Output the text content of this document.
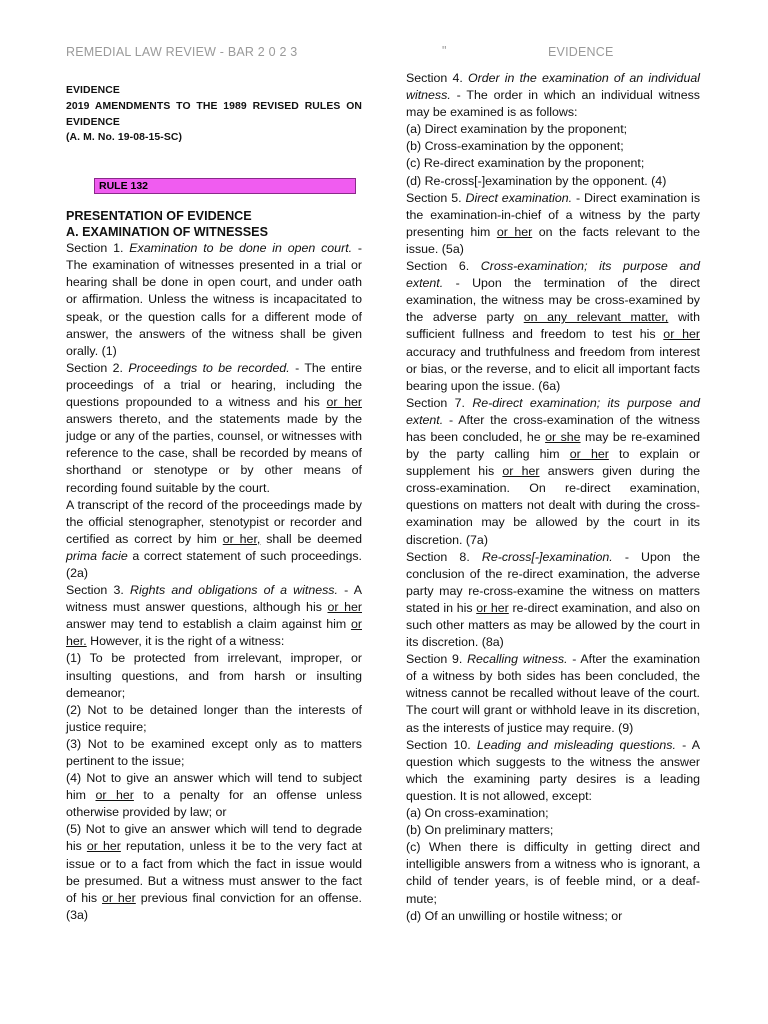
REMEDIAL LAW REVIEW - BAR 2 0 2 3	"	EVIDENCE

EVIDENCE

2019 AMENDMENTS TO THE 1989 REVISED RULES ON EVIDENCE

(A. M. No. 19-08-15-SC)

RULE 132

PRESENTATION OF EVIDENCE

A. EXAMINATION OF WITNESSES

Section 1. Examination to be done in open court. - The examination of witnesses presented in a trial or hearing shall be done in open court, and under oath or affirmation. Unless the witness is incapacitated to speak, or the question calls for a different mode of answer, the answers of the witness shall be given orally. (1)

Section 2. Proceedings to be recorded. - The entire proceedings of a trial or hearing, including the questions propounded to a witness and his or her answers thereto, and the statements made by the judge or any of the parties, counsel, or witnesses with reference to the case, shall be recorded by means of shorthand or stenotype or by other means of recording found suitable by the court.

A transcript of the record of the proceedings made by the official stenographer, stenotypist or recorder and certified as correct by him or her, shall be deemed prima facie a correct statement of such proceedings. (2a)

Section 3. Rights and obligations of a witness. - A witness must answer questions, although his or her answer may tend to establish a claim against him or her. However, it is the right of a witness:

(1) To be protected from irrelevant, improper, or insulting questions, and from harsh or insulting demeanor;

(2) Not to be detained longer than the interests of justice require;

(3) Not to be examined except only as to matters pertinent to the issue;

(4) Not to give an answer which will tend to subject him or her to a penalty for an offense unless otherwise provided by law; or

(5) Not to give an answer which will tend to degrade his or her reputation, unless it be to the very fact at issue or to a fact from which the fact in issue would be presumed. But a witness must answer to the fact of his or her previous final conviction for an offense. (3a)

Section 4. Order in the examination of an individual witness. - The order in which an individual witness may be examined is as follows:

(a) Direct examination by the proponent;

(b) Cross-examination by the opponent;

(c) Re-direct examination by the proponent;

(d) Re-cross[-]examination by the opponent. (4)

Section 5. Direct examination. - Direct examination is the examination-in-chief of a witness by the party presenting him or her on the facts relevant to the issue. (5a)

Section 6. Cross-examination; its purpose and extent. - Upon the termination of the direct examination, the witness may be cross-examined by the adverse party on any relevant matter, with sufficient fullness and freedom to test his or her accuracy and truthfulness and freedom from interest or bias, or the reverse, and to elicit all important facts bearing upon the issue. (6a)

Section 7. Re-direct examination; its purpose and extent. - After the cross-examination of the witness has been concluded, he or she may be re-examined by the party calling him or her to explain or supplement his or her answers given during the cross-examination. On re-direct examination, questions on matters not dealt with during the cross-examination may be allowed by the court in its discretion. (7a)

Section 8. Re-cross[-]examination. - Upon the conclusion of the re-direct examination, the adverse party may re-cross-examine the witness on matters stated in his or her re-direct examination, and also on such other matters as may be allowed by the court in its discretion. (8a)

Section 9. Recalling witness. - After the examination of a witness by both sides has been concluded, the witness cannot be recalled without leave of the court. The court will grant or withhold leave in its discretion, as the interests of justice may require. (9)

Section 10. Leading and misleading questions. - A question which suggests to the witness the answer which the examining party desires is a leading question. It is not allowed, except:

(a) On cross-examination;

(b) On preliminary matters;

(c) When there is difficulty in getting direct and intelligible answers from a witness who is ignorant, a child of tender years, is of feeble mind, or a deaf-mute;

(d) Of an unwilling or hostile witness; or
